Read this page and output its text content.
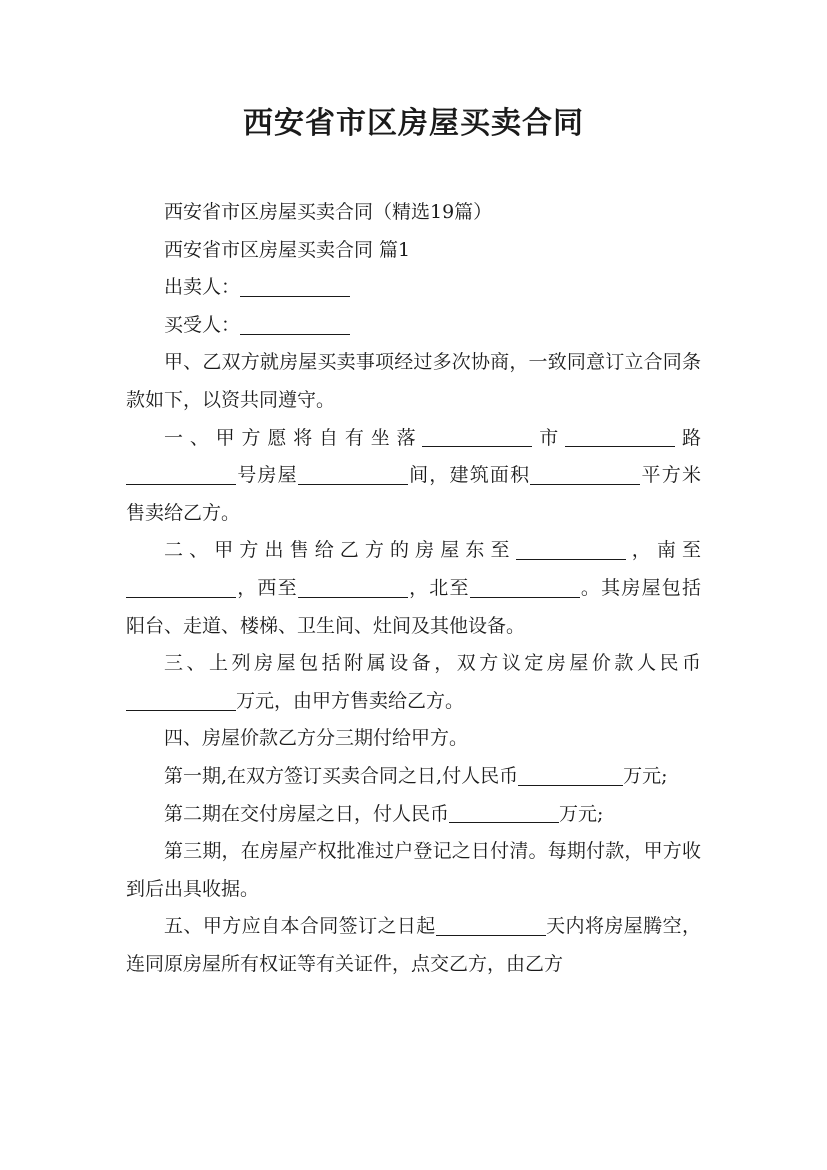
西安省市区房屋买卖合同

西安省市区房屋买卖合同（精选19篇）

西安省市区房屋买卖合同 篇1

出卖人：

买受人：

甲、乙双方就房屋买卖事项经过多次协商，一致同意订立合同条款如下，以资共同遵守。

一、甲方愿将自有坐落	市	路号房屋	间，建筑面积	平方米售卖给乙方。

二、甲方出售给乙方的房屋东至	，南至，西至	，北至	。其房屋包括阳台、走道、楼梯、卫生间、灶间及其他设备。

三、上列房屋包括附属设备，双方议定房屋价款人民币万元，由甲方售卖给乙方。

四、房屋价款乙方分三期付给甲方。

第一期,在双方签订买卖合同之日,付人民币	万元;

第二期在交付房屋之日，付人民币	万元;

第三期，在房屋产权批准过户登记之日付清。每期付款，甲方收到后出具收据。

五、甲方应自本合同签订之日起	天内将房屋腾空，连同原房屋所有权证等有关证件，点交乙方，由乙方
